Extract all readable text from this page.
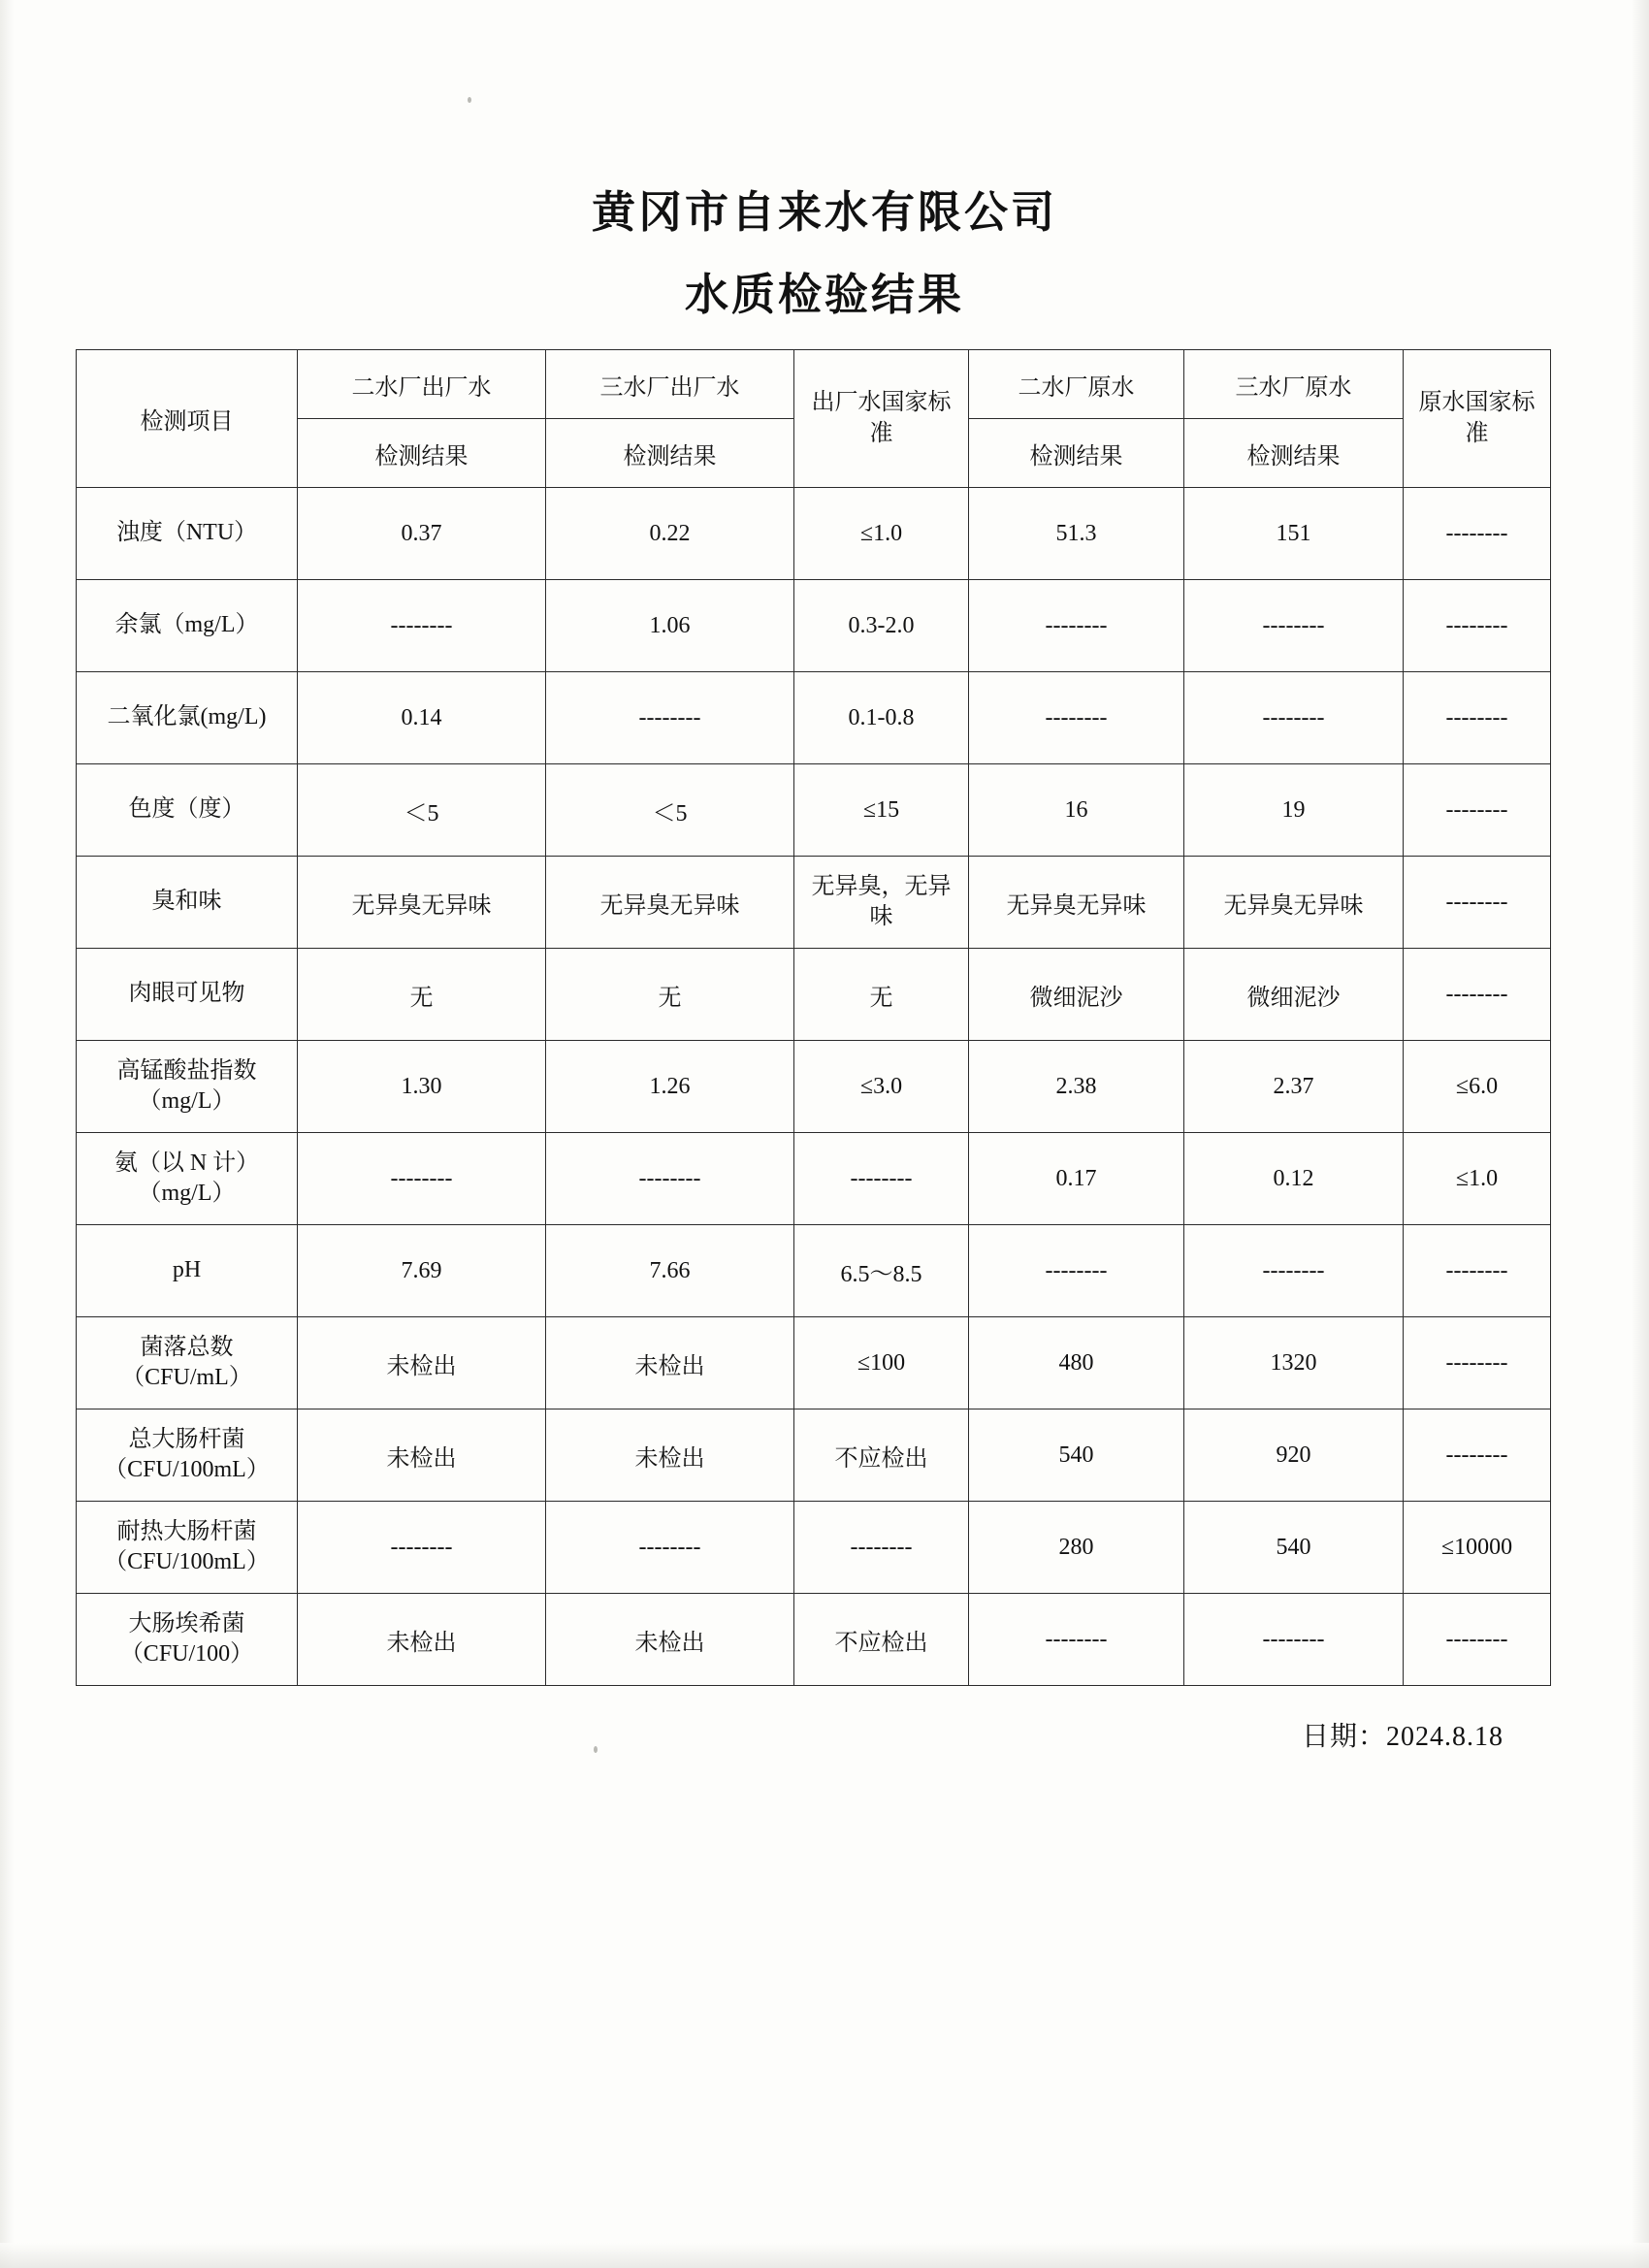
黄冈市自来水有限公司
水质检验结果
检测项目	二水厂出厂水	三水厂出厂水	出厂水国家标准	二水厂原水	三水厂原水	原水国家标准
	检测结果	检测结果		检测结果	检测结果	
浊度（NTU）	0.37	0.22	≤1.0	51.3	151	--------
余氯（mg/L）	--------	1.06	0.3-2.0	--------	--------	--------
二氧化氯(mg/L)	0.14	--------	0.1-0.8	--------	--------	--------
色度（度）	＜5	＜5	≤15	16	19	--------
臭和味	无异臭无异味	无异臭无异味	无异臭，无异味	无异臭无异味	无异臭无异味	--------
肉眼可见物	无	无	无	微细泥沙	微细泥沙	--------
高锰酸盐指数（mg/L）	1.30	1.26	≤3.0	2.38	2.37	≤6.0
氨（以 N 计）（mg/L）	--------	--------	--------	0.17	0.12	≤1.0
pH	7.69	7.66	6.5～8.5	--------	--------	--------
菌落总数（CFU/mL）	未检出	未检出	≤100	480	1320	--------
总大肠杆菌（CFU/100mL）	未检出	未检出	不应检出	540	920	--------
耐热大肠杆菌（CFU/100mL）	--------	--------	--------	280	540	≤10000
大肠埃希菌（CFU/100）	未检出	未检出	不应检出	--------	--------	--------
日期：2024.8.18
